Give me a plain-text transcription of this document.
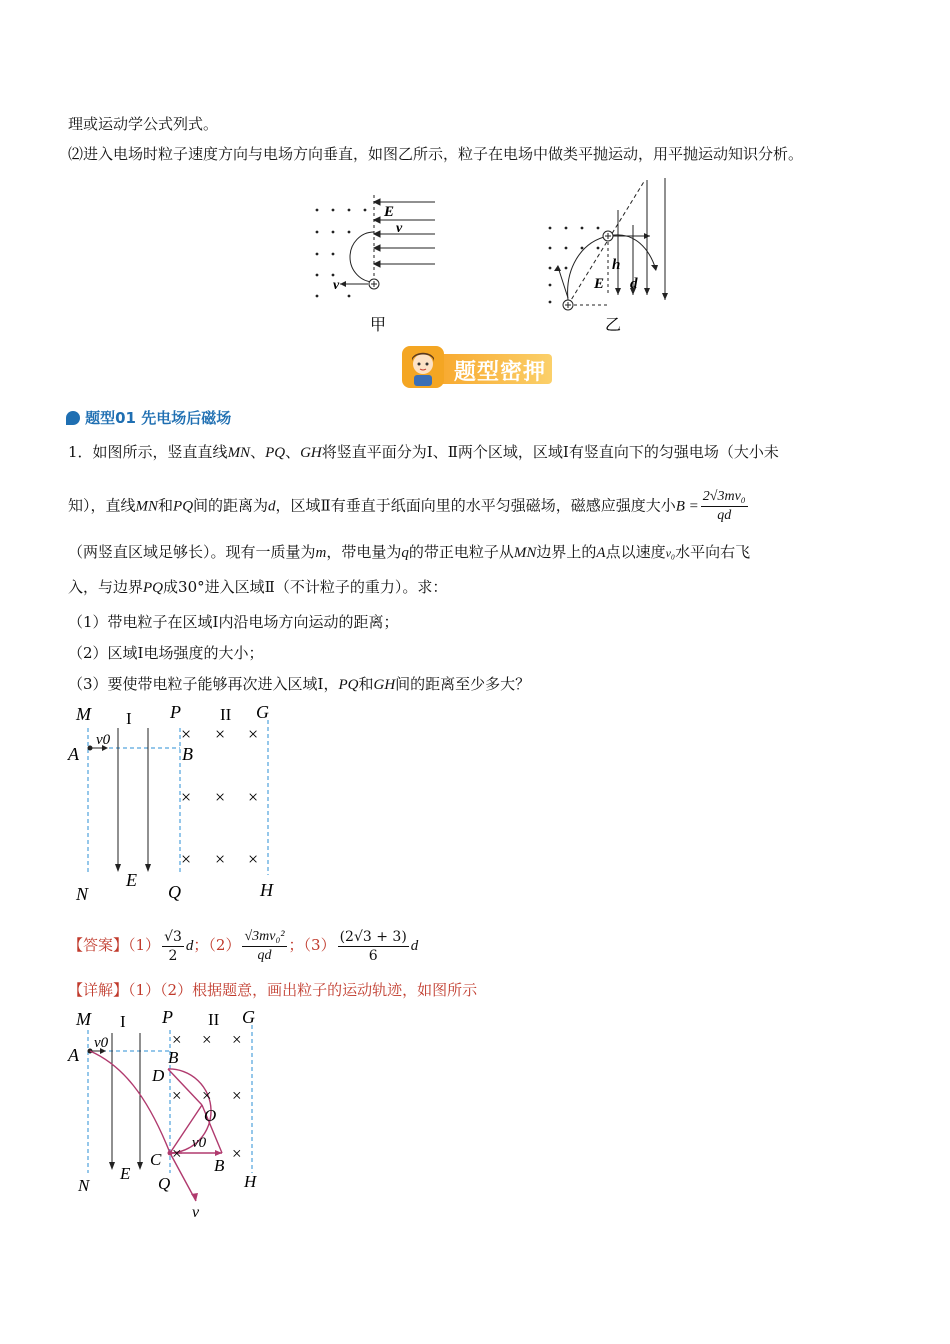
理或运动学公式列式。
⑵进入电场时粒子速度方向与电场方向垂直，如图乙所示，粒子在电场中做类平抛运动，用平抛运动知识分析。
E
v
v
甲
h
E d
乙
题型密押
题型01 先电场后磁场
1．如图所示，竖直直线MN、PQ、GH将竖直平面分为Ⅰ、Ⅱ两个区域，区域Ⅰ有竖直向下的匀强电场（大小未
知），直线MN和PQ间的距离为d，区域Ⅱ有垂直于纸面向里的水平匀强磁场，磁感应强度大小$B = \frac{\text{2√3mv₀}}{qd}$
（两竖直区域足够长）。现有一质量为m，带电量为q的带正电粒子从MN边界上的A点以速度v₀水平向右飞
入，与边界PQ成30°进入区域Ⅱ（不计粒子的重力）。求：
（1）带电粒子在区域Ⅰ内沿电场方向运动的距离；
（2）区域Ⅰ电场强度的大小；
（3）要使带电粒子能够再次进入区域Ⅰ，PQ和GH间的距离至少多大？
M I P II G
A
v0
B
N
E
Q	H
× × ×
× × ×
× × ×
【答案】$(1) \frac{√3}{2}$ d；$(2) \frac{\text{√3mv₀²}}{qd}$ ；$(3) \frac{(2√3 + 3)}{6}$ d
【详解】（1）（2）根据题意，画出粒子的运动轨迹，如图所示
M I P II G
A
v0
B
D
O
C
v0
B
E
N	Q	H
v
× × ×
× × ×
×	×
